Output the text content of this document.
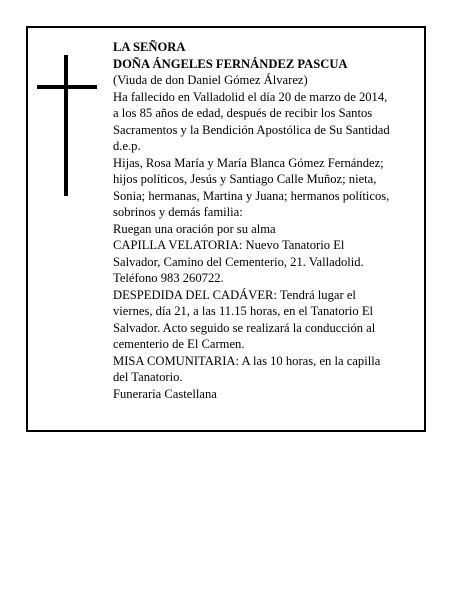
LA SEÑORA
DOÑA ÁNGELES FERNÁNDEZ PASCUA
(Viuda de don Daniel Gómez Álvarez)
Ha fallecido en Valladolid el día 20 de marzo de 2014,
a los 85 años de edad, después de recibir los Santos
Sacramentos y la Bendición Apostólica de Su Santidad
d.e.p.
Hijas, Rosa María y María Blanca Gómez Fernández;
hijos políticos, Jesús y Santiago Calle Muñoz; nieta,
Sonia; hermanas, Martina y Juana; hermanos políticos,
sobrinos y demás familia:
Ruegan una oración por su alma
CAPILLA VELATORIA: Nuevo Tanatorio El
Salvador, Camino del Cementerio, 21. Valladolid.
Teléfono 983 260722.
DESPEDIDA DEL CADÁVER: Tendrá lugar el
viernes, día 21, a las 11.15 horas, en el Tanatorio El
Salvador. Acto seguido se realizará la conducción al
cementerio de El Carmen.
MISA COMUNITARIA: A las 10 horas, en la capilla
del Tanatorio.
Funeraria Castellana
